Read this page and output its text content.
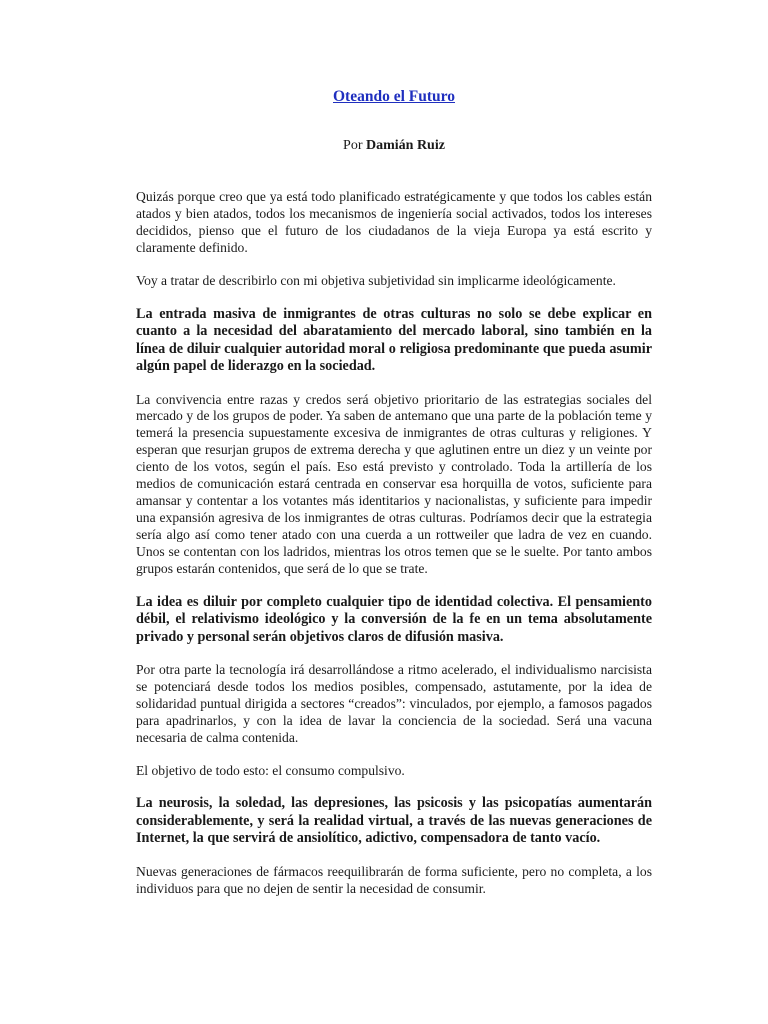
Oteando el Futuro

Por Damián Ruiz

Quizás porque creo que ya está todo planificado estratégicamente y que todos los cables están atados y bien atados, todos los mecanismos de ingeniería social activados, todos los intereses decididos, pienso que el futuro de los ciudadanos de la vieja Europa ya está escrito y claramente definido.

Voy a tratar de describirlo con mi objetiva subjetividad sin implicarme ideológicamente.

La entrada masiva de inmigrantes de otras culturas no solo se debe explicar en cuanto a la necesidad del abaratamiento del mercado laboral, sino también en la línea de diluir cualquier autoridad moral o religiosa predominante que pueda asumir algún papel de liderazgo en la sociedad.

La convivencia entre razas y credos será objetivo prioritario de las estrategias sociales del mercado y de los grupos de poder. Ya saben de antemano que una parte de la población teme y temerá la presencia supuestamente excesiva de inmigrantes de otras culturas y religiones. Y esperan que resurjan grupos de extrema derecha y que aglutinen entre un diez y un veinte por ciento de los votos, según el país. Eso está previsto y controlado. Toda la artillería de los medios de comunicación estará centrada en conservar esa horquilla de votos, suficiente para amansar y contentar a los votantes más identitarios y nacionalistas, y suficiente para impedir una expansión agresiva de los inmigrantes de otras culturas. Podríamos decir que la estrategia sería algo así como tener atado con una cuerda a un rottweiler que ladra de vez en cuando. Unos se contentan con los ladridos, mientras los otros temen que se le suelte. Por tanto ambos grupos estarán contenidos, que será de lo que se trate.

La idea es diluir por completo cualquier tipo de identidad colectiva. El pensamiento débil, el relativismo ideológico y la conversión de la fe en un tema absolutamente privado y personal serán objetivos claros de difusión masiva.

Por otra parte la tecnología irá desarrollándose a ritmo acelerado, el individualismo narcisista se potenciará desde todos los medios posibles, compensado, astutamente, por la idea de solidaridad puntual dirigida a sectores “creados”: vinculados, por ejemplo, a famosos pagados para apadrinarlos, y con la idea de lavar la conciencia de la sociedad. Será una vacuna necesaria de calma contenida.

El objetivo de todo esto: el consumo compulsivo.

La neurosis, la soledad, las depresiones, las psicosis y las psicopatías aumentarán considerablemente, y será la realidad virtual, a través de las nuevas generaciones de Internet, la que servirá de ansiolítico, adictivo, compensadora de tanto vacío.

Nuevas generaciones de fármacos reequilibrarán de forma suficiente, pero no completa, a los individuos para que no dejen de sentir la necesidad de consumir.
